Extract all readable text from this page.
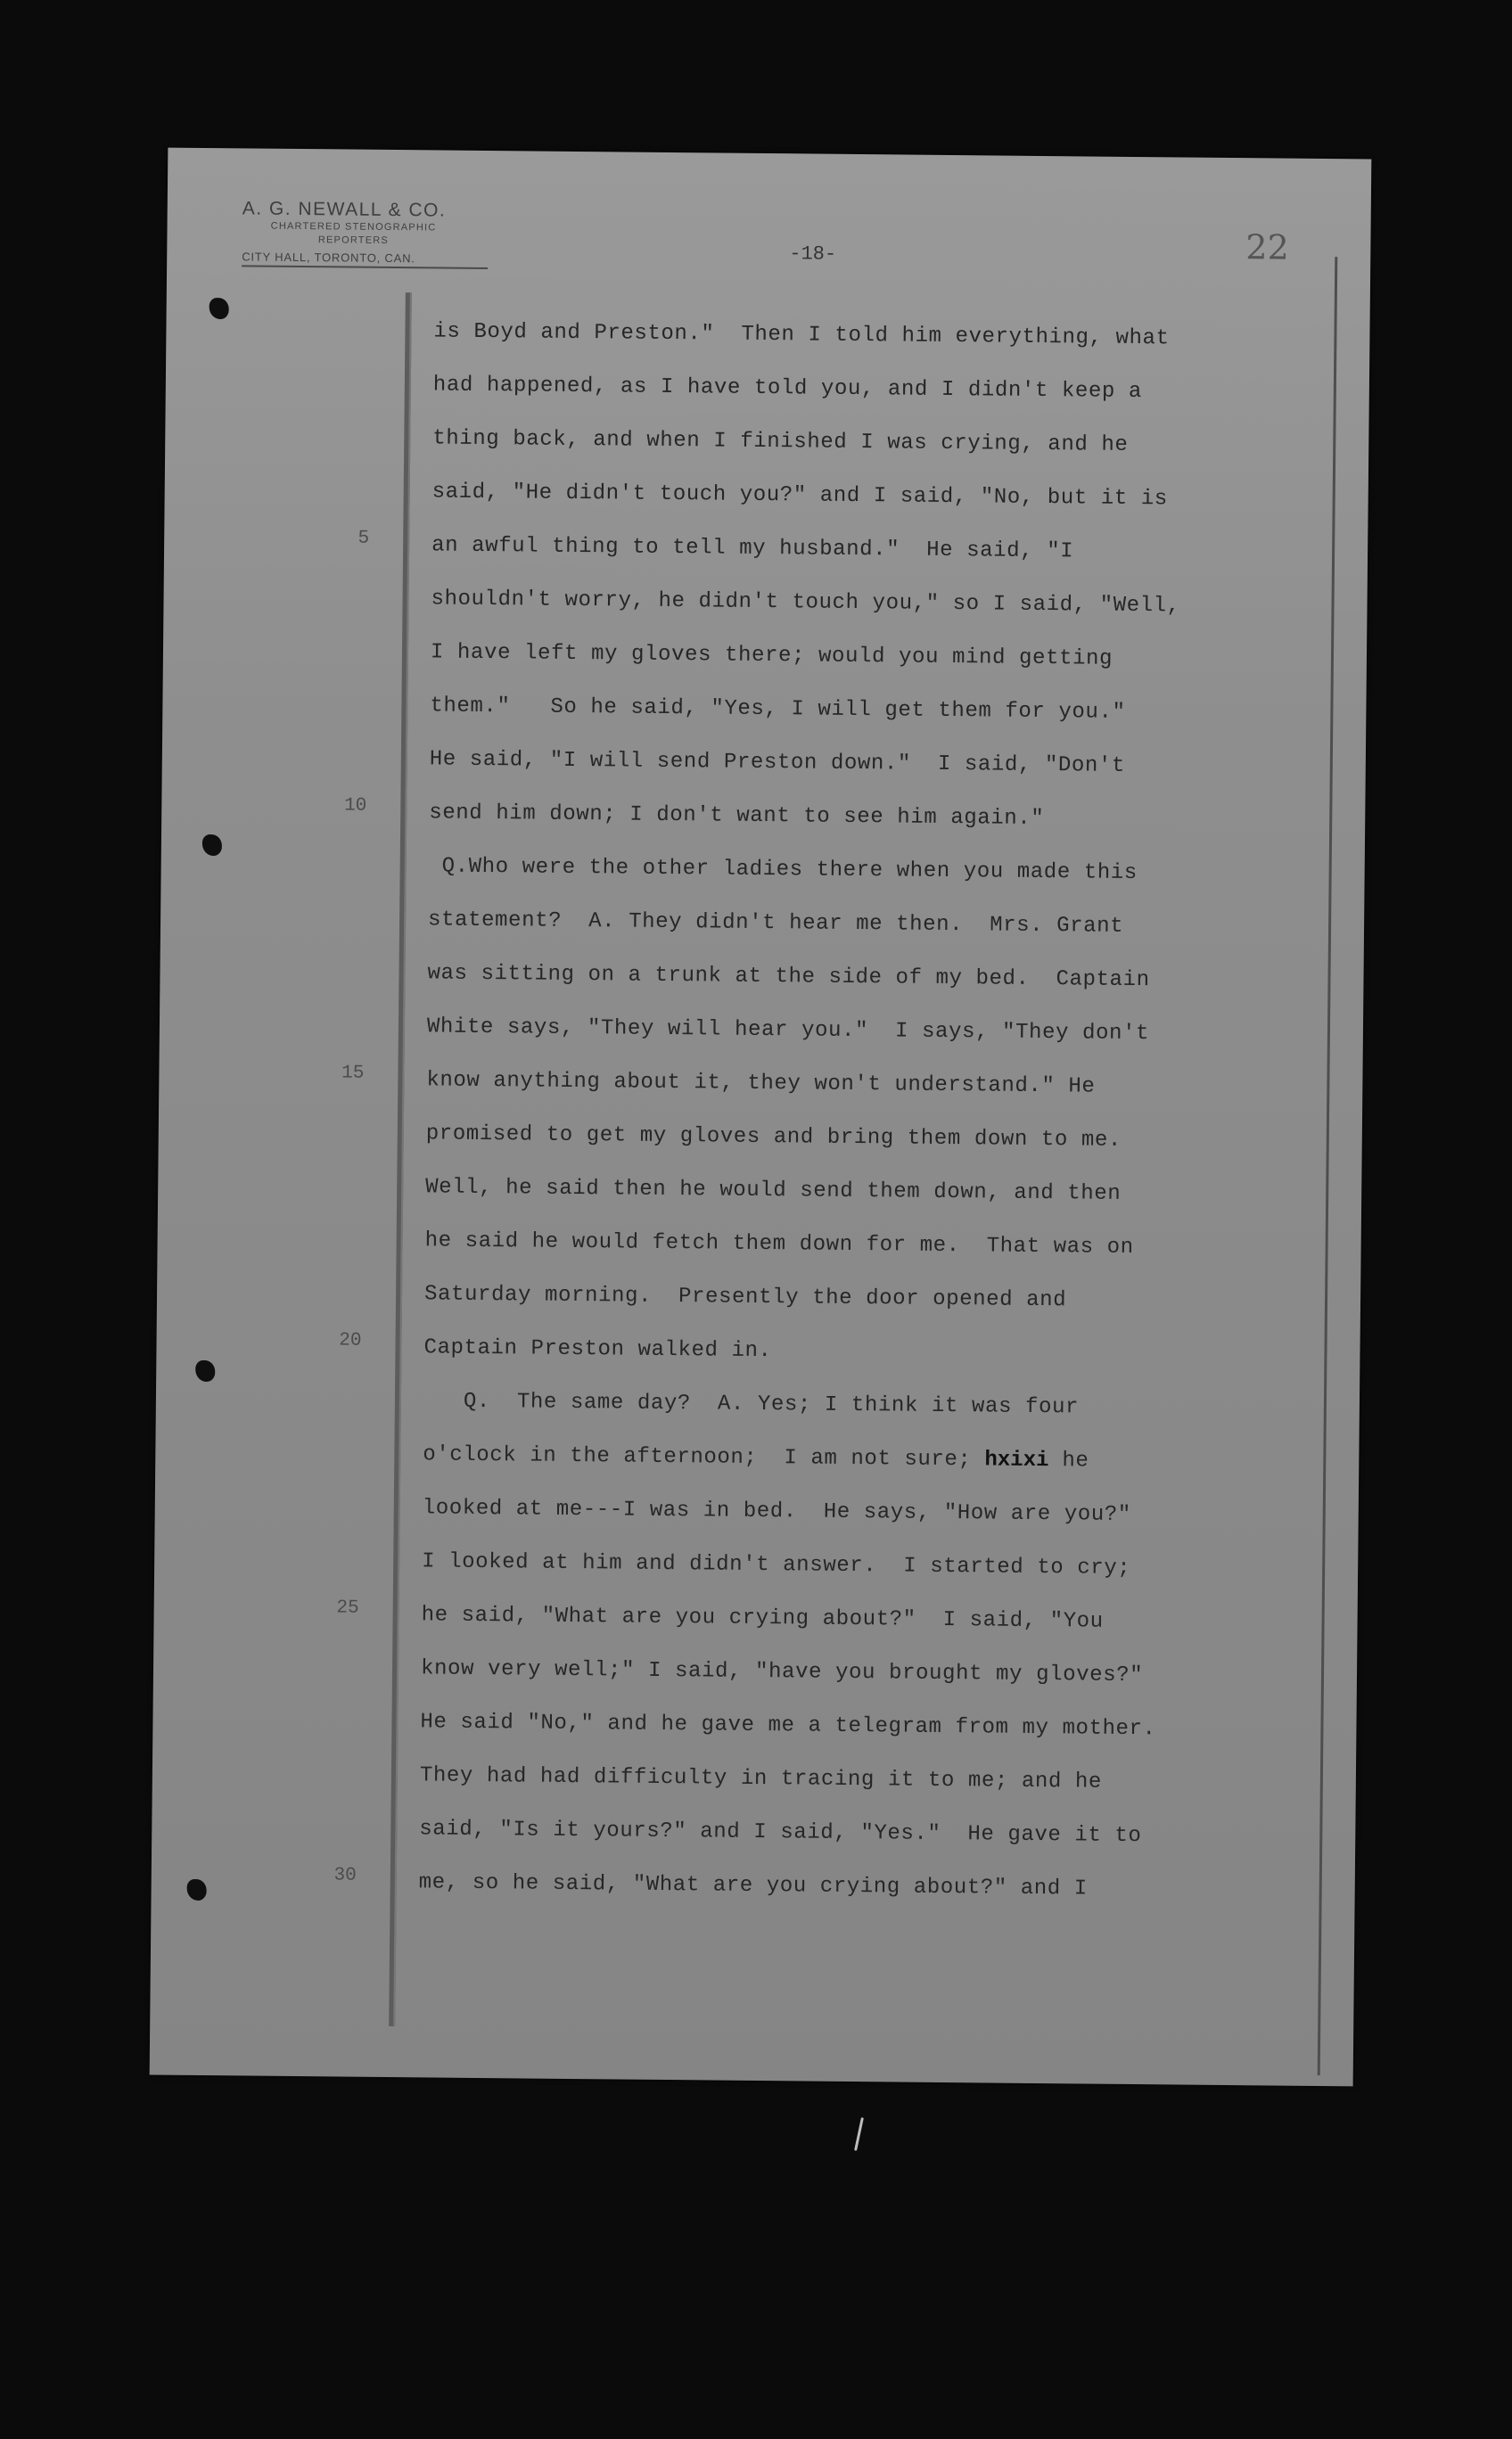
A. G. NEWALL & CO.
CHARTERED STENOGRAPHIC
REPORTERS
CITY HALL, TORONTO, CAN.	-18-	22
5
10
15
20
25
30
is Boyd and Preston."  Then I told him everything, what
had happened, as I have told you, and I didn't keep a
thing back, and when I finished I was crying, and he
said, "He didn't touch you?" and I said, "No, but it is
an awful thing to tell my husband."  He said, "I
shouldn't worry, he didn't touch you," so I said, "Well,
I have left my gloves there; would you mind getting
them."   So he said, "Yes, I will get them for you."
He said, "I will send Preston down."  I said, "Don't
send him down; I don't want to see him again."
Q.Who were the other ladies there when you made this
statement?  A. They didn't hear me then.  Mrs. Grant
was sitting on a trunk at the side of my bed.  Captain
White says, "They will hear you."  I says, "They don't
know anything about it, they won't understand." He
promised to get my gloves and bring them down to me.
Well, he said then he would send them down, and then
he said he would fetch them down for me.  That was on
Saturday morning.  Presently the door opened and
Captain Preston walked in.
Q.  The same day?  A. Yes; I think it was four
o'clock in the afternoon;  I am not sure; hxixi he
looked at me---I was in bed.  He says, "How are you?"
I looked at him and didn't answer.  I started to cry;
he said, "What are you crying about?"  I said, "You
know very well;" I said, "have you brought my gloves?"
He said "No," and he gave me a telegram from my mother.
They had had difficulty in tracing it to me; and he
said, "Is it yours?" and I said, "Yes."  He gave it to
me, so he said, "What are you crying about?" and I
